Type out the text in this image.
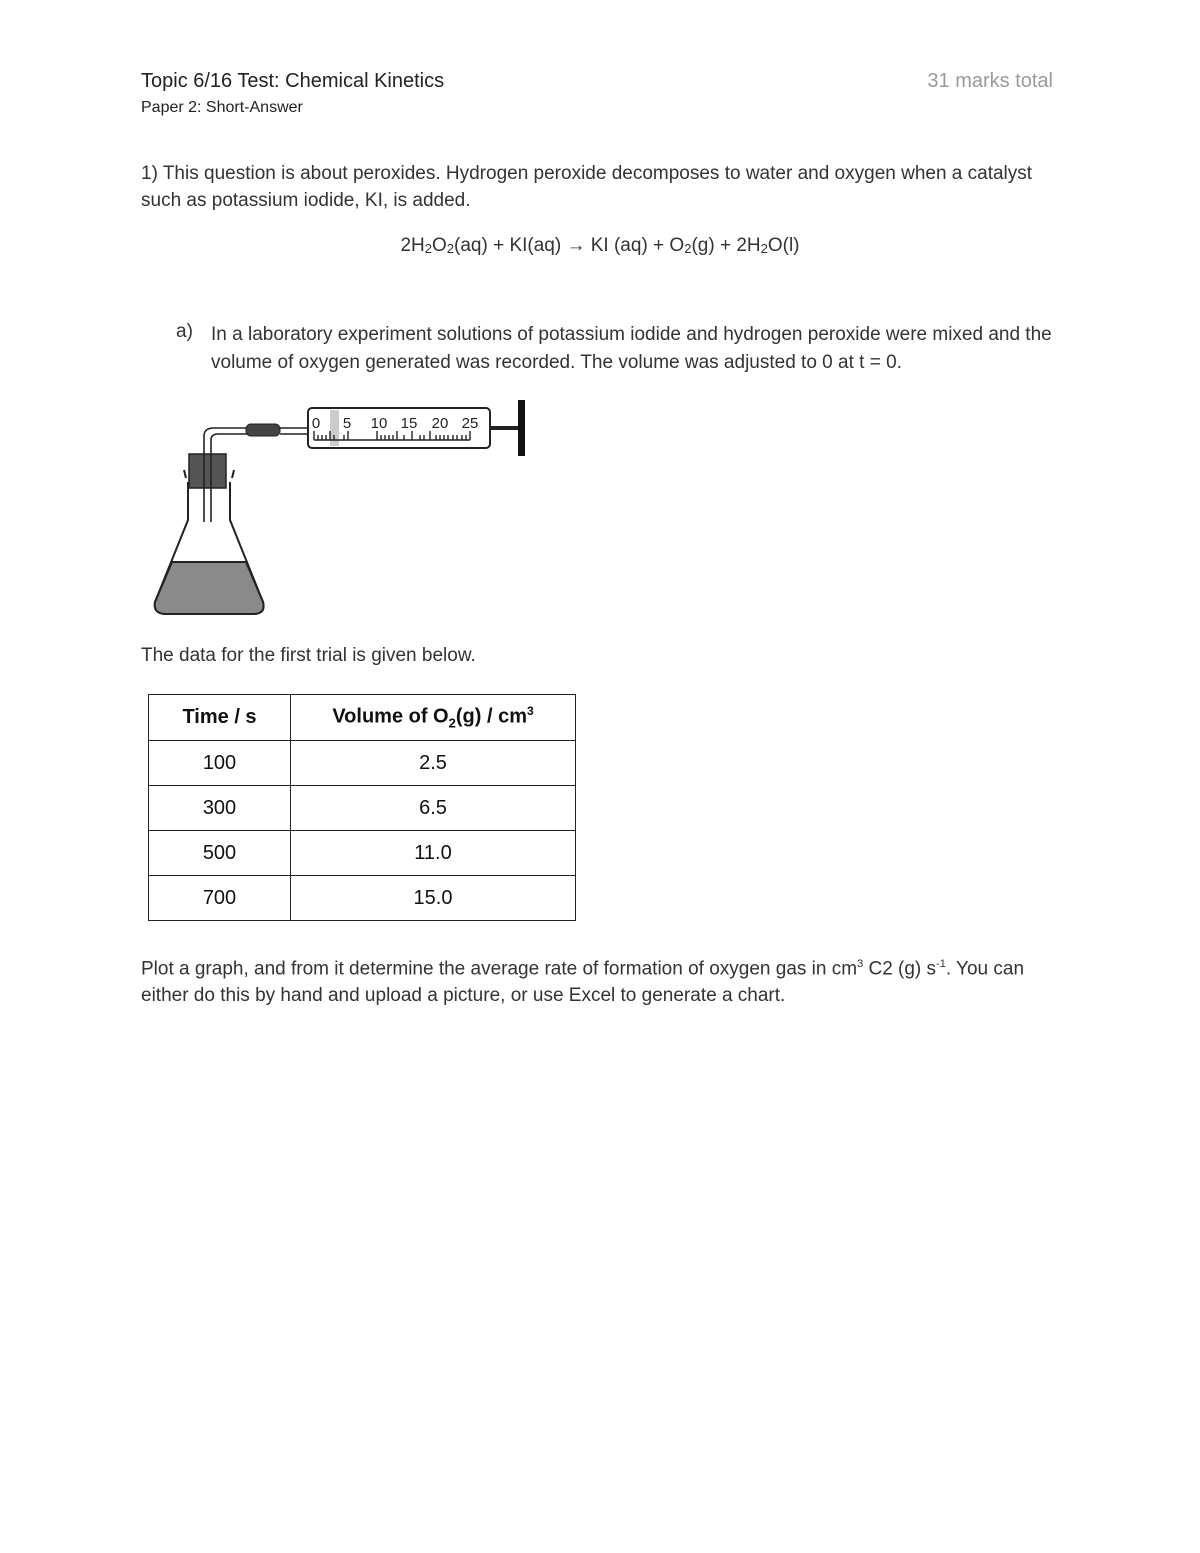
Topic 6/16 Test: Chemical Kinetics	31 marks total
Paper 2: Short-Answer
1) This question is about peroxides. Hydrogen peroxide decomposes to water and oxygen when a catalyst such as potassium iodide, KI, is added.
$2H_2O_2(aq) + KI(aq)$ → KI $(aq) + O_2(g) + 2H_2O(l)$
a) In a laboratory experiment solutions of potassium iodide and hydrogen peroxide were mixed and the volume of oxygen generated was recorded. The volume was adjusted to 0 at t = 0.
0 5 10 15 20 25
The data for the first trial is given below.
Time / s	Volume of $O_2(g) / cm^3$
100	2.5
300	6.5
500	11.0
700	15.0
Plot a graph, and from it determine the average rate of formation of oxygen gas in $cm^3$ C2 (g) $s^{-1}$. You can either do this by hand and upload a picture, or use Excel to generate a chart.
